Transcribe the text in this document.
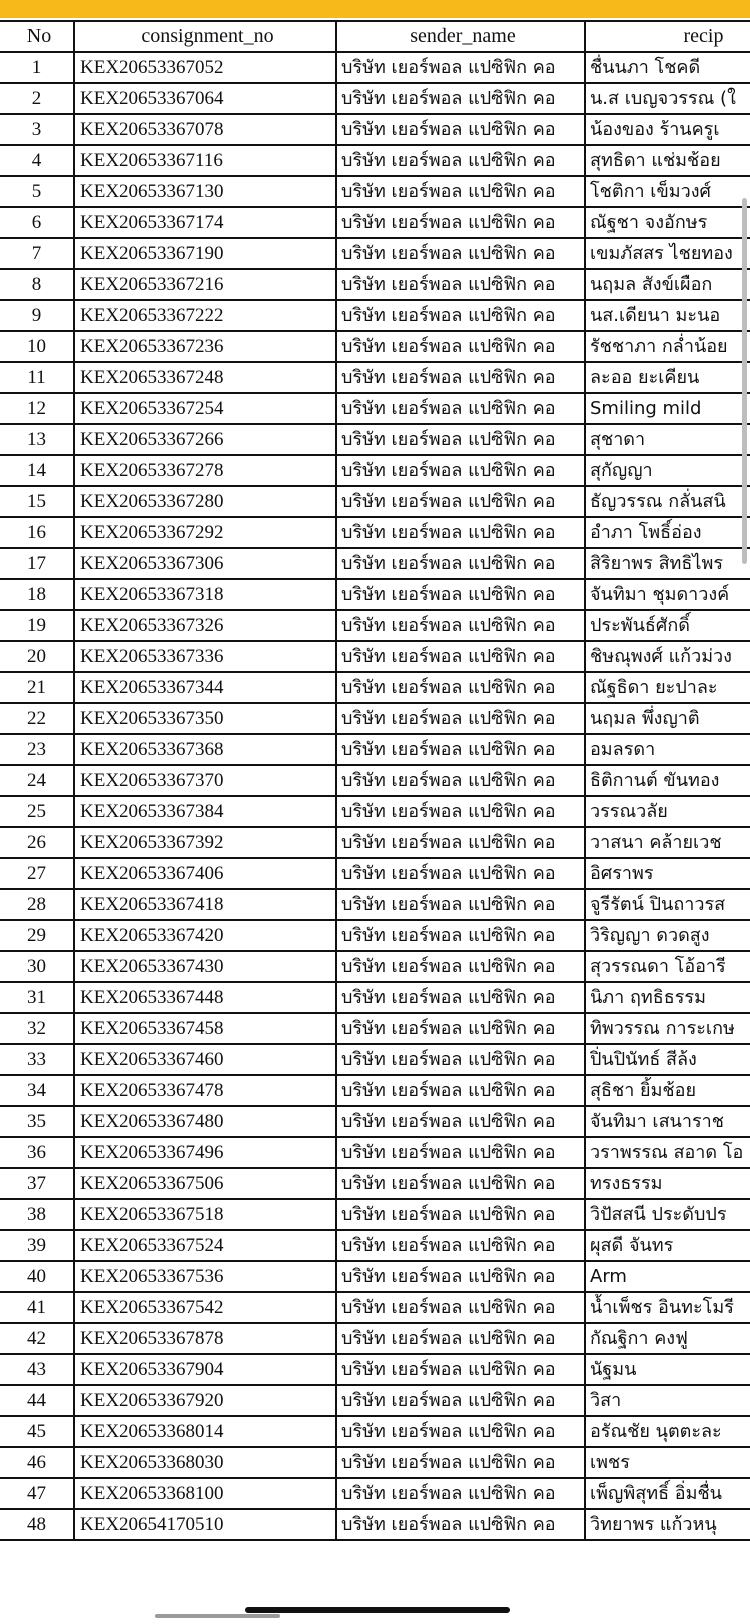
No	consignment_no	sender_name	recip
1	KEX20653367052	บริษัท เยอร์พอล แปซิฟิก คอ	ชื่นนภา โชคดี
2	KEX20653367064	บริษัท เยอร์พอล แปซิฟิก คอ	น.ส เบญจวรรณ (ใ
3	KEX20653367078	บริษัท เยอร์พอล แปซิฟิก คอ	น้องของ ร้านครูเ
4	KEX20653367116	บริษัท เยอร์พอล แปซิฟิก คอ	สุทธิดา แช่มช้อย
5	KEX20653367130	บริษัท เยอร์พอล แปซิฟิก คอ	โชติกา เข็มวงศ์
6	KEX20653367174	บริษัท เยอร์พอล แปซิฟิก คอ	ณัฐชา จงอักษร
7	KEX20653367190	บริษัท เยอร์พอล แปซิฟิก คอ	เขมภัสสร ไชยทอง
8	KEX20653367216	บริษัท เยอร์พอล แปซิฟิก คอ	นฤมล สังข์เผือก
9	KEX20653367222	บริษัท เยอร์พอล แปซิฟิก คอ	นส.เดียนา มะนอ
10	KEX20653367236	บริษัท เยอร์พอล แปซิฟิก คอ	รัชชาภา กล่ำน้อย
11	KEX20653367248	บริษัท เยอร์พอล แปซิฟิก คอ	ละออ ยะเคียน
12	KEX20653367254	บริษัท เยอร์พอล แปซิฟิก คอ	Smiling mild
13	KEX20653367266	บริษัท เยอร์พอล แปซิฟิก คอ	สุชาดา
14	KEX20653367278	บริษัท เยอร์พอล แปซิฟิก คอ	สุกัญญา
15	KEX20653367280	บริษัท เยอร์พอล แปซิฟิก คอ	ธัญวรรณ กลั่นสนิ
16	KEX20653367292	บริษัท เยอร์พอล แปซิฟิก คอ	อำภา โพธิ์อ่อง
17	KEX20653367306	บริษัท เยอร์พอล แปซิฟิก คอ	สิริยาพร สิทธิไพร
18	KEX20653367318	บริษัท เยอร์พอล แปซิฟิก คอ	จันทิมา ชุมดาวงค์
19	KEX20653367326	บริษัท เยอร์พอล แปซิฟิก คอ	ประพันธ์ศักดิ์
20	KEX20653367336	บริษัท เยอร์พอล แปซิฟิก คอ	ชิษณุพงศ์ แก้วม่วง
21	KEX20653367344	บริษัท เยอร์พอล แปซิฟิก คอ	ณัฐธิดา ยะปาละ
22	KEX20653367350	บริษัท เยอร์พอล แปซิฟิก คอ	นฤมล พึ่งญาติ
23	KEX20653367368	บริษัท เยอร์พอล แปซิฟิก คอ	อมลรดา
24	KEX20653367370	บริษัท เยอร์พอล แปซิฟิก คอ	ธิติกานต์ ขันทอง
25	KEX20653367384	บริษัท เยอร์พอล แปซิฟิก คอ	วรรณวลัย
26	KEX20653367392	บริษัท เยอร์พอล แปซิฟิก คอ	วาสนา คล้ายเวช
27	KEX20653367406	บริษัท เยอร์พอล แปซิฟิก คอ	อิศราพร
28	KEX20653367418	บริษัท เยอร์พอล แปซิฟิก คอ	จูรีรัตน์ ปินถาวรส
29	KEX20653367420	บริษัท เยอร์พอล แปซิฟิก คอ	วิริญญา ดวดสูง
30	KEX20653367430	บริษัท เยอร์พอล แปซิฟิก คอ	สุวรรณดา โอ้อารี
31	KEX20653367448	บริษัท เยอร์พอล แปซิฟิก คอ	นิภา ฤทธิธรรม
32	KEX20653367458	บริษัท เยอร์พอล แปซิฟิก คอ	ทิพวรรณ การะเกษ
33	KEX20653367460	บริษัท เยอร์พอล แปซิฟิก คอ	ปิ่นปินัทธ์ สีล้ง
34	KEX20653367478	บริษัท เยอร์พอล แปซิฟิก คอ	สุธิชา ยิ้มช้อย
35	KEX20653367480	บริษัท เยอร์พอล แปซิฟิก คอ	จันทิมา เสนาราช
36	KEX20653367496	บริษัท เยอร์พอล แปซิฟิก คอ	วราพรรณ สอาด โอ
37	KEX20653367506	บริษัท เยอร์พอล แปซิฟิก คอ	ทรงธรรม
38	KEX20653367518	บริษัท เยอร์พอล แปซิฟิก คอ	วิปัสสนี ประดับปร
39	KEX20653367524	บริษัท เยอร์พอล แปซิฟิก คอ	ผุสดี จันทร
40	KEX20653367536	บริษัท เยอร์พอล แปซิฟิก คอ	Arm
41	KEX20653367542	บริษัท เยอร์พอล แปซิฟิก คอ	น้ำเพ็ชร อินทะโมรี
42	KEX20653367878	บริษัท เยอร์พอล แปซิฟิก คอ	กัณฐิกา คงฟู
43	KEX20653367904	บริษัท เยอร์พอล แปซิฟิก คอ	นัฐมน
44	KEX20653367920	บริษัท เยอร์พอล แปซิฟิก คอ	วิสา
45	KEX20653368014	บริษัท เยอร์พอล แปซิฟิก คอ	อรัณชัย นุตตะละ
46	KEX20653368030	บริษัท เยอร์พอล แปซิฟิก คอ	เพชร
47	KEX20653368100	บริษัท เยอร์พอล แปซิฟิก คอ	เพ็ญพิสุทธิ์ อิ่มชื่น
48	KEX20654170510	บริษัท เยอร์พอล แปซิฟิก คอ	วิทยาพร แก้วหนุ
